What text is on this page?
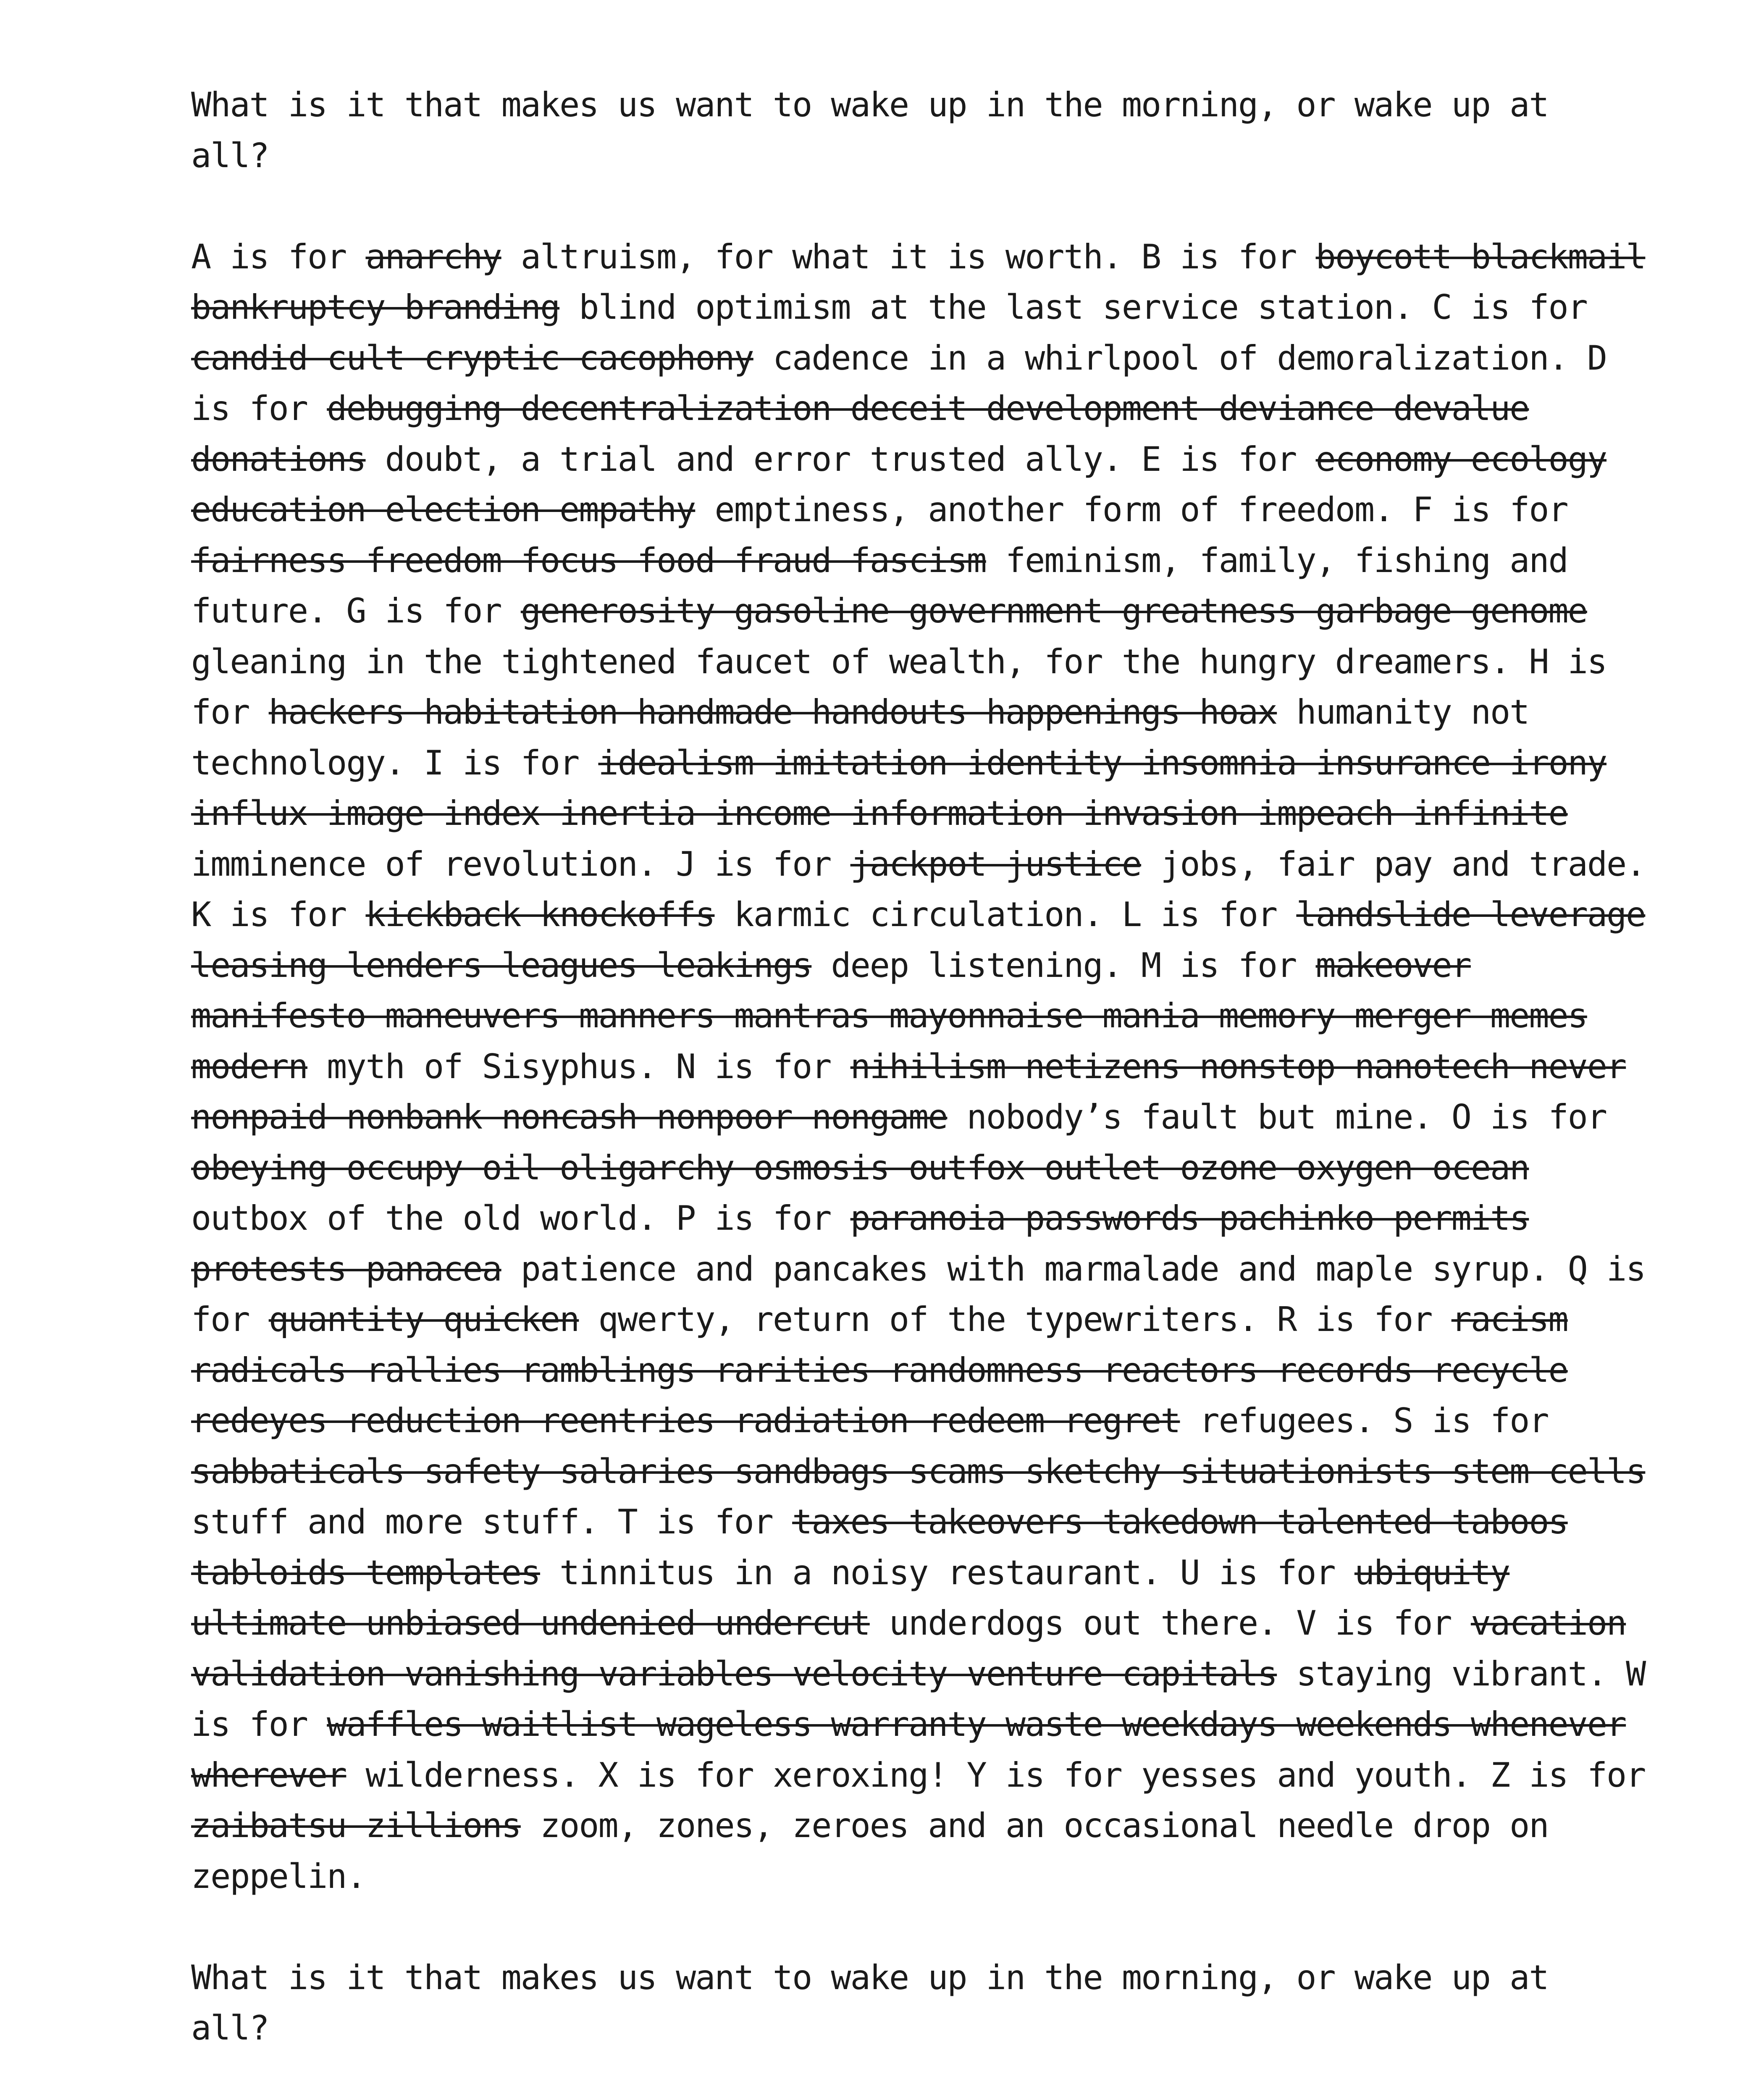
What is it that makes us want to wake up in the morning, or wake up at all?

A is for anarchy altruism, for what it is worth. B is for boycott blackmail bankruptcy branding blind optimism at the last service station. C is for candid cult cryptic cacophony cadence in a whirlpool of demoralization. D is for debugging decentralization deceit development deviance devalue donations doubt, a trial and error trusted ally. E is for economy ecology education election empathy emptiness, another form of freedom. F is for fairness freedom focus food fraud fascism feminism, family, fishing and future. G is for generosity gasoline government greatness garbage genome gleaning in the tightened faucet of wealth, for the hungry dreamers. H is for hackers habitation handmade handouts happenings hoax humanity not technology. I is for idealism imitation identity insomnia insurance irony influx image index inertia income information invasion impeach infinite imminence of revolution. J is for jackpot justice jobs, fair pay and trade. K is for kickback knockoffs karmic circulation. L is for landslide leverage leasing lenders leagues leakings deep listening. M is for makeover manifesto maneuvers manners mantras mayonnaise mania memory merger memes modern myth of Sisyphus. N is for nihilism netizens nonstop nanotech never nonpaid nonbank noncash nonpoor nongame nobody’s fault but mine. O is for obeying occupy oil oligarchy osmosis outfox outlet ozone oxygen ocean outbox of the old world. P is for paranoia passwords pachinko permits protests panacea patience and pancakes with marmalade and maple syrup. Q is for quantity quicken qwerty, return of the typewriters. R is for racism radicals rallies ramblings rarities randomness reactors records recycle redeyes reduction reentries radiation redeem regret refugees. S is for sabbaticals safety salaries sandbags scams sketchy situationists stem cells stuff and more stuff. T is for taxes takeovers takedown talented taboos tabloids templates tinnitus in a noisy restaurant. U is for ubiquity ultimate unbiased undenied undercut underdogs out there. V is for vacation validation vanishing variables velocity venture capitals staying vibrant. W is for waffles waitlist wageless warranty waste weekdays weekends whenever wherever wilderness. X is for xeroxing! Y is for yesses and youth. Z is for zaibatsu zillions zoom, zones, zeroes and an occasional needle drop on zeppelin.

What is it that makes us want to wake up in the morning, or wake up at all?
